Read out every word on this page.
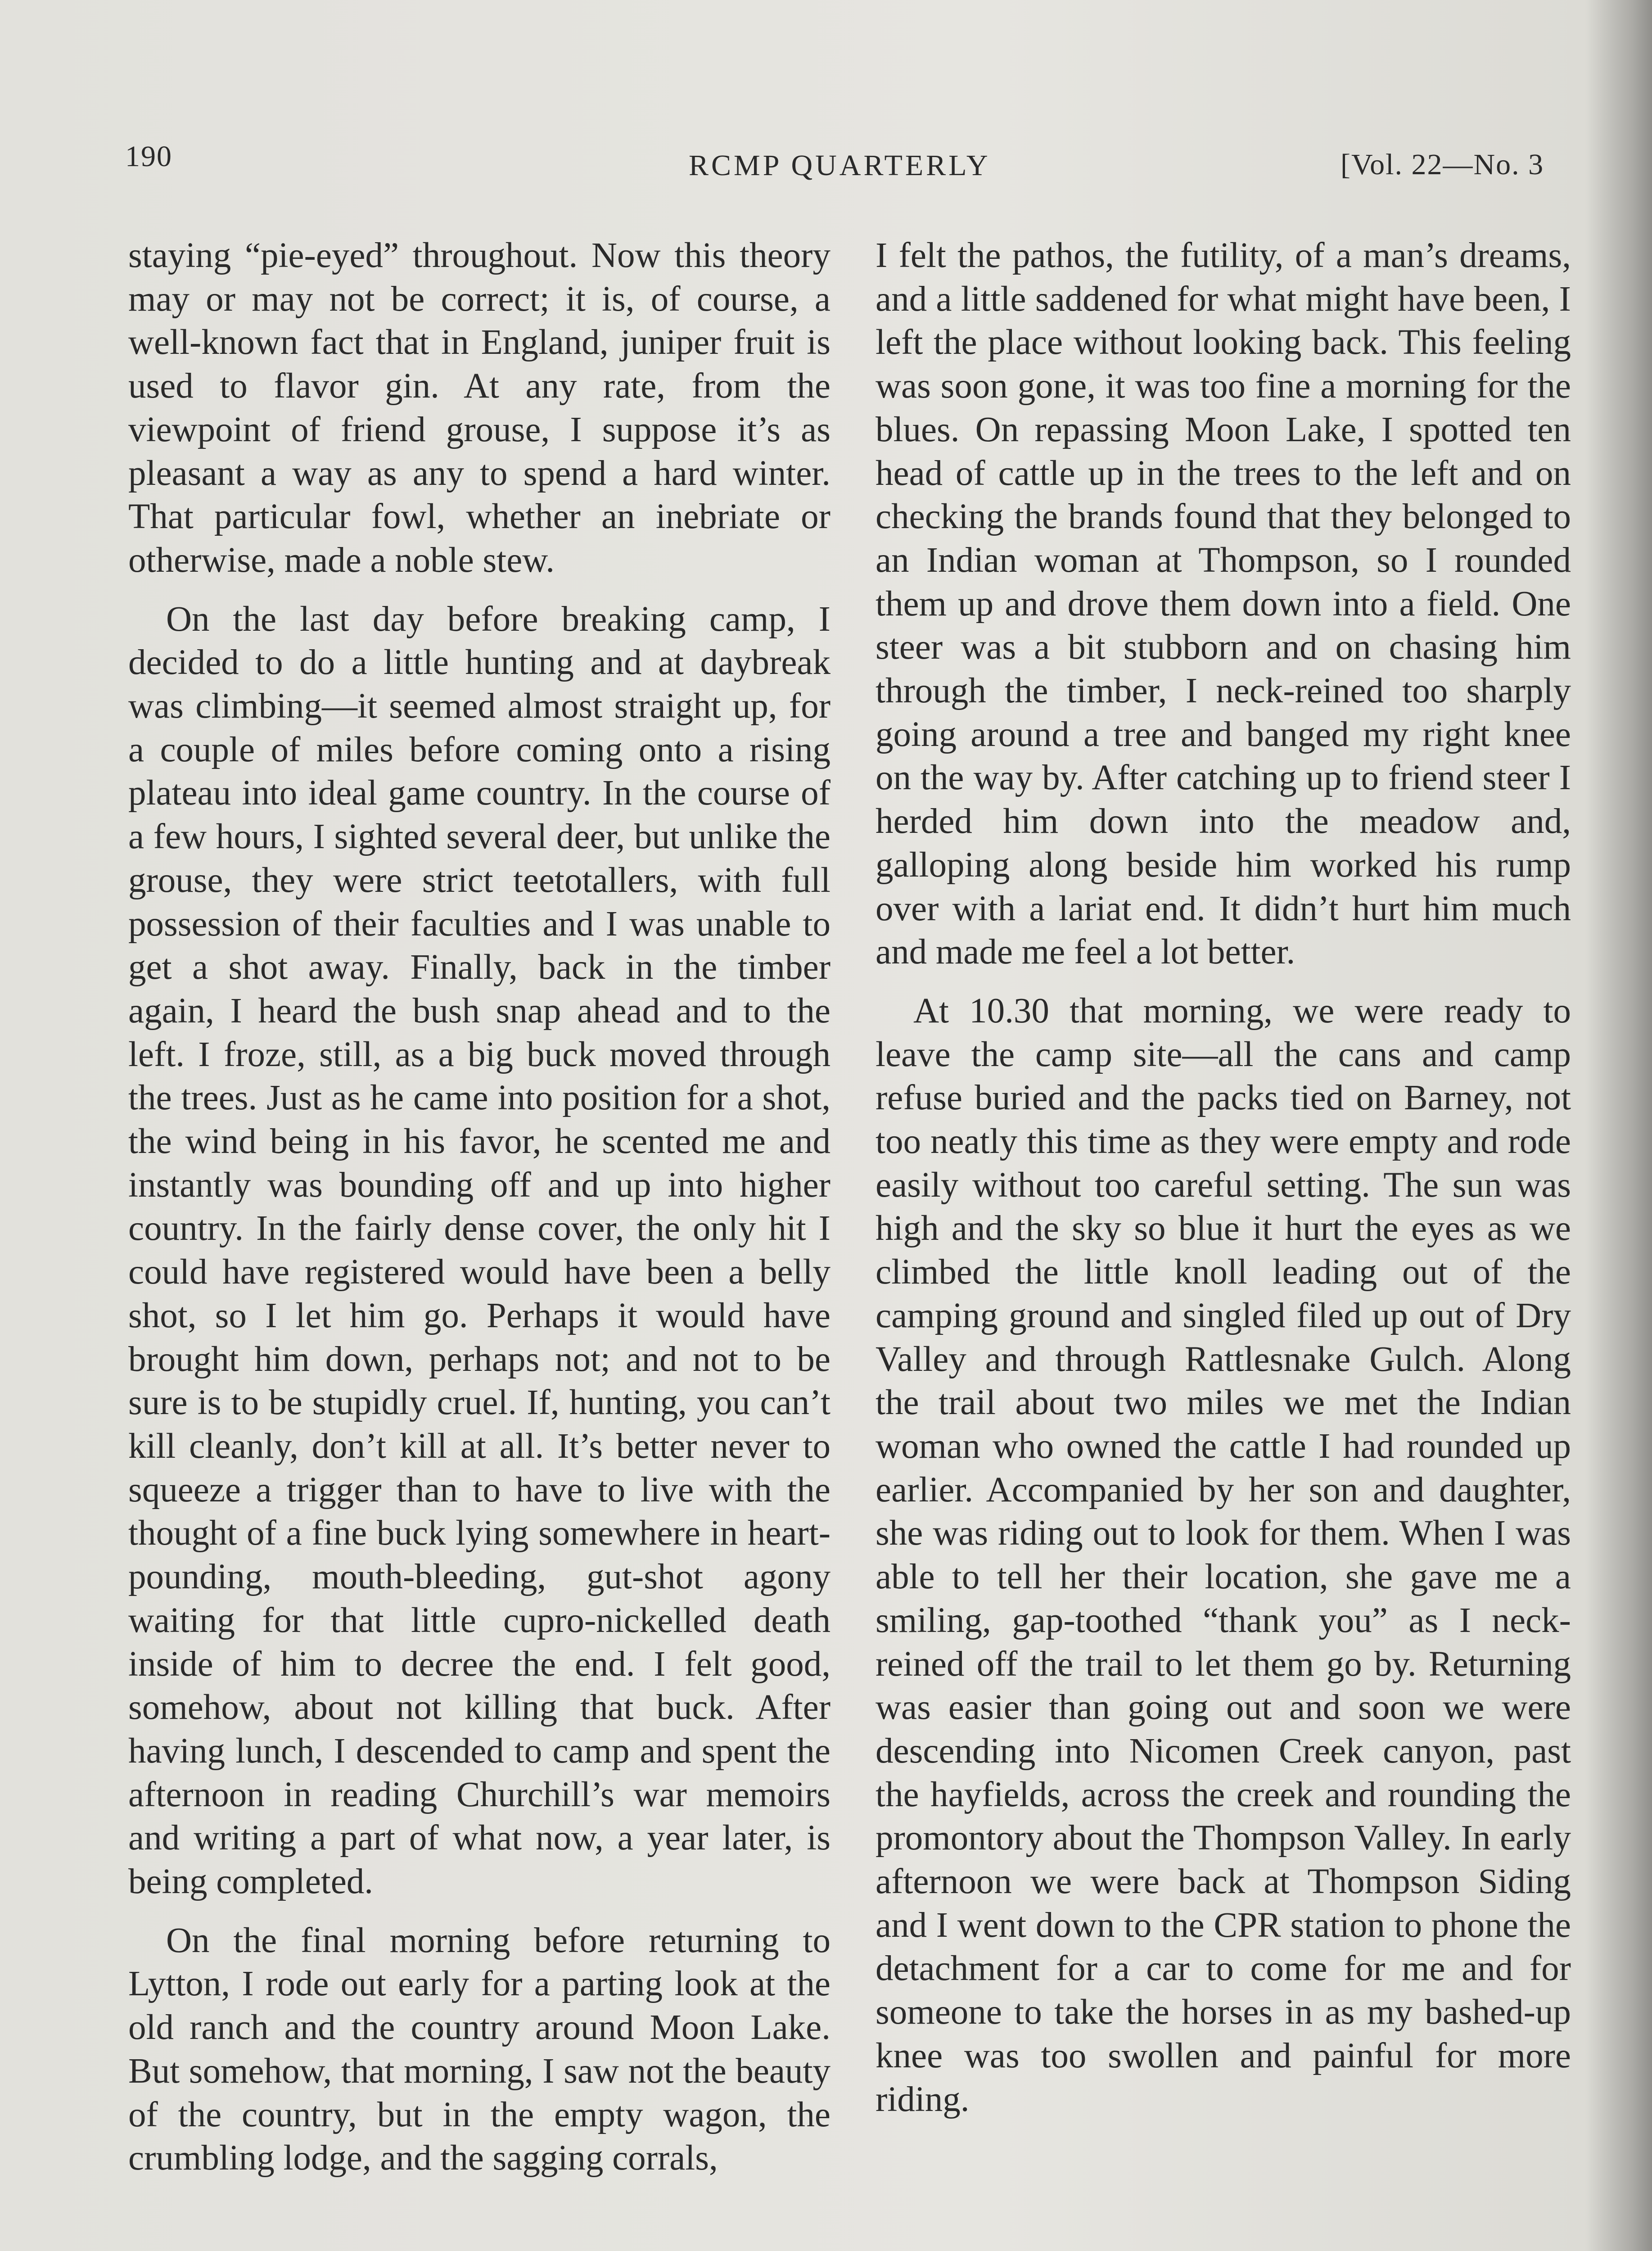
190	RCMP QUARTERLY	[Vol. 22—No. 3

staying “pie-eyed” throughout. Now this theory may or may not be correct; it is, of course, a well-known fact that in England, juniper fruit is used to flavor gin. At any rate, from the viewpoint of friend grouse, I suppose it’s as pleasant a way as any to spend a hard winter. That particular fowl, whether an inebriate or otherwise, made a noble stew.

On the last day before breaking camp, I decided to do a little hunting and at daybreak was climbing—it seemed almost straight up, for a couple of miles before coming onto a rising plateau into ideal game country. In the course of a few hours, I sighted several deer, but unlike the grouse, they were strict teetotallers, with full possession of their faculties and I was unable to get a shot away. Finally, back in the timber again, I heard the bush snap ahead and to the left. I froze, still, as a big buck moved through the trees. Just as he came into position for a shot, the wind being in his favor, he scented me and instantly was bounding off and up into higher country. In the fairly dense cover, the only hit I could have registered would have been a belly shot, so I let him go. Perhaps it would have brought him down, perhaps not; and not to be sure is to be stupidly cruel. If, hunting, you can’t kill cleanly, don’t kill at all. It’s better never to squeeze a trigger than to have to live with the thought of a fine buck lying somewhere in heart-pounding, mouth-bleeding, gut-shot agony waiting for that little cupro-nickelled death inside of him to decree the end. I felt good, somehow, about not killing that buck. After having lunch, I descended to camp and spent the afternoon in reading Churchill’s war memoirs and writing a part of what now, a year later, is being completed.

On the final morning before returning to Lytton, I rode out early for a parting look at the old ranch and the country around Moon Lake. But somehow, that morning, I saw not the beauty of the country, but in the empty wagon, the crumbling lodge, and the sagging corrals,

I felt the pathos, the futility, of a man’s dreams, and a little saddened for what might have been, I left the place without looking back. This feeling was soon gone, it was too fine a morning for the blues. On repassing Moon Lake, I spotted ten head of cattle up in the trees to the left and on checking the brands found that they belonged to an Indian woman at Thompson, so I rounded them up and drove them down into a field. One steer was a bit stubborn and on chasing him through the timber, I neck-reined too sharply going around a tree and banged my right knee on the way by. After catching up to friend steer I herded him down into the meadow and, galloping along beside him worked his rump over with a lariat end. It didn’t hurt him much and made me feel a lot better.

At 10.30 that morning, we were ready to leave the camp site—all the cans and camp refuse buried and the packs tied on Barney, not too neatly this time as they were empty and rode easily without too careful setting. The sun was high and the sky so blue it hurt the eyes as we climbed the little knoll leading out of the camping ground and singled filed up out of Dry Valley and through Rattlesnake Gulch. Along the trail about two miles we met the Indian woman who owned the cattle I had rounded up earlier. Accompanied by her son and daughter, she was riding out to look for them. When I was able to tell her their location, she gave me a smiling, gap-toothed “thank you” as I neck-reined off the trail to let them go by. Returning was easier than going out and soon we were descending into Nicomen Creek canyon, past the hayfields, across the creek and rounding the promontory about the Thompson Valley. In early afternoon we were back at Thompson Siding and I went down to the CPR station to phone the detachment for a car to come for me and for someone to take the horses in as my bashed-up knee was too swollen and painful for more riding.
